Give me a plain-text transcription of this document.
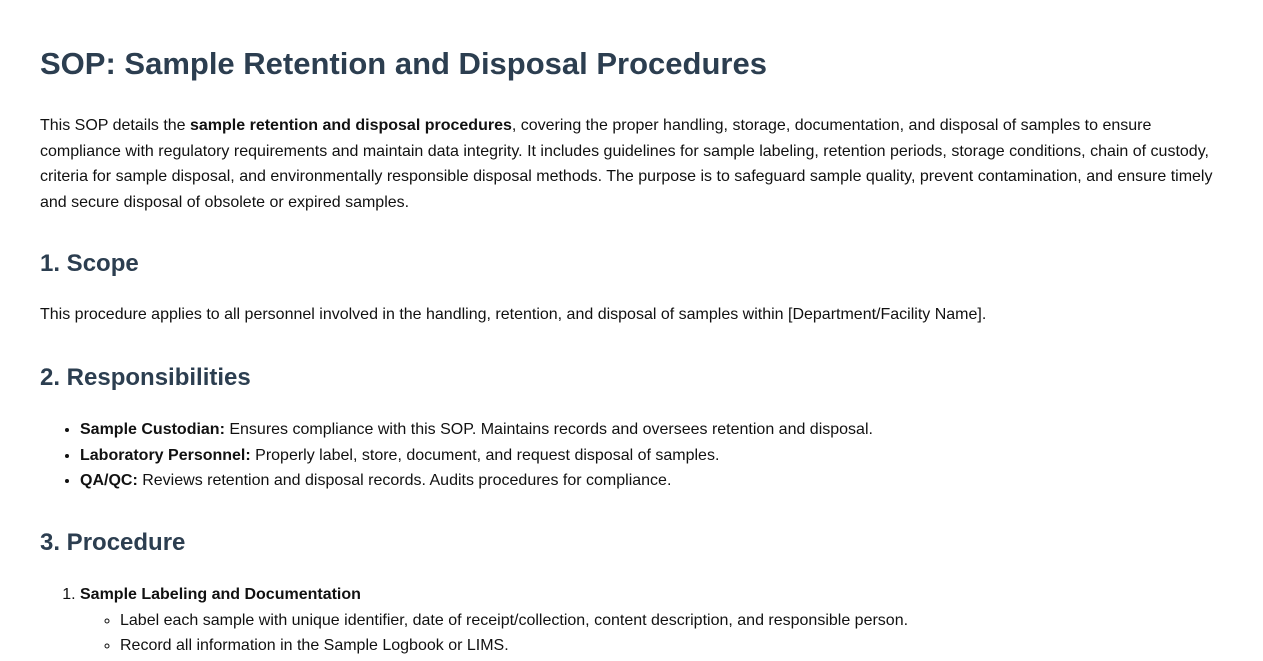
SOP: Sample Retention and Disposal Procedures

This SOP details the sample retention and disposal procedures, covering the proper handling, storage, documentation, and disposal of samples to ensure compliance with regulatory requirements and maintain data integrity. It includes guidelines for sample labeling, retention periods, storage conditions, chain of custody, criteria for sample disposal, and environmentally responsible disposal methods. The purpose is to safeguard sample quality, prevent contamination, and ensure timely and secure disposal of obsolete or expired samples.

1. Scope

This procedure applies to all personnel involved in the handling, retention, and disposal of samples within [Department/Facility Name].

2. Responsibilities
• Sample Custodian: Ensures compliance with this SOP. Maintains records and oversees retention and disposal.
• Laboratory Personnel: Properly label, store, document, and request disposal of samples.
• QA/QC: Reviews retention and disposal records. Audits procedures for compliance.
3. Procedure
1. Sample Labeling and Documentation
◦ Label each sample with unique identifier, date of receipt/collection, content description, and responsible person.
◦ Record all information in the Sample Logbook or LIMS.
